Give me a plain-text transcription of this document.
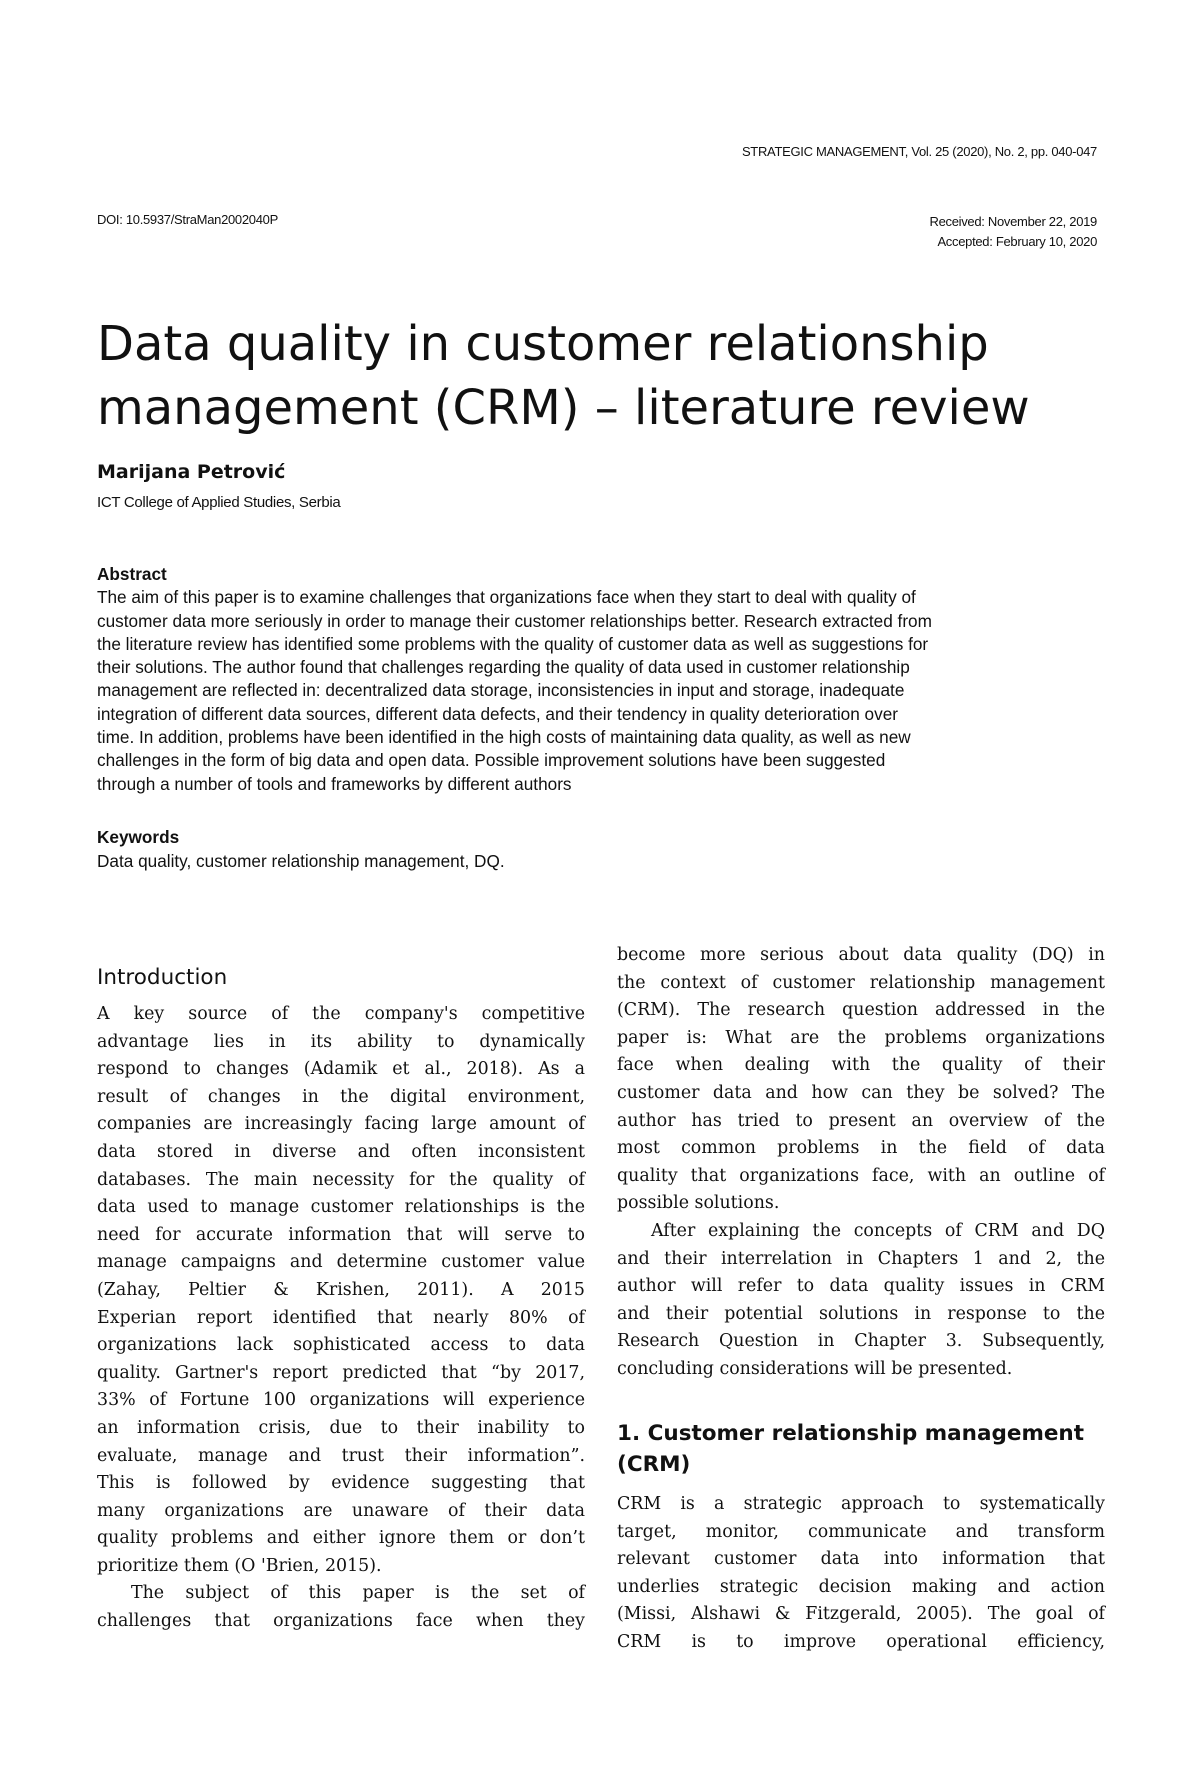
STRATEGIC MANAGEMENT, Vol. 25 (2020), No. 2, pp. 040-047
DOI: 10.5937/StraMan2002040P	Received: November 22, 2019
Accepted: February 10, 2020
Data quality in customer relationship
management (CRM) – literature review
Marijana Petrović
ICT College of Applied Studies, Serbia
Abstract
The aim of this paper is to examine challenges that organizations face when they start to deal with quality of
customer data more seriously in order to manage their customer relationships better. Research extracted from
the literature review has identified some problems with the quality of customer data as well as suggestions for
their solutions. The author found that challenges regarding the quality of data used in customer relationship
management are reflected in: decentralized data storage, inconsistencies in input and storage, inadequate
integration of different data sources, different data defects, and their tendency in quality deterioration over
time. In addition, problems have been identified in the high costs of maintaining data quality, as well as new
challenges in the form of big data and open data. Possible improvement solutions have been suggested
through a number of tools and frameworks by different authors
Keywords
Data quality, customer relationship management, DQ.
Introduction
A key source of the company's competitive
advantage lies in its ability to dynamically
respond to changes (Adamik et al., 2018). As a
result of changes in the digital environment,
companies are increasingly facing large amount of
data stored in diverse and often inconsistent
databases. The main necessity for the quality of
data used to manage customer relationships is the
need for accurate information that will serve to
manage campaigns and determine customer value
(Zahay, Peltier & Krishen, 2011). A 2015
Experian report identified that nearly 80% of
organizations lack sophisticated access to data
quality. Gartner's report predicted that “by 2017,
33% of Fortune 100 organizations will experience
an information crisis, due to their inability to
evaluate, manage and trust their information”.
This is followed by evidence suggesting that
many organizations are unaware of their data
quality problems and either ignore them or don’t
prioritize them (O 'Brien, 2015).
The subject of this paper is the set of
challenges that organizations face when they
become more serious about data quality (DQ) in
the context of customer relationship management
(CRM). The research question addressed in the
paper is: What are the problems organizations
face when dealing with the quality of their
customer data and how can they be solved? The
author has tried to present an overview of the
most common problems in the field of data
quality that organizations face, with an outline of
possible solutions.
After explaining the concepts of CRM and DQ
and their interrelation in Chapters 1 and 2, the
author will refer to data quality issues in CRM
and their potential solutions in response to the
Research Question in Chapter 3. Subsequently,
concluding considerations will be presented.
1. Customer relationship management
(CRM)
CRM is a strategic approach to systematically
target, monitor, communicate and transform
relevant customer data into information that
underlies strategic decision making and action
(Missi, Alshawi & Fitzgerald, 2005). The goal of
CRM is to improve operational efficiency,
